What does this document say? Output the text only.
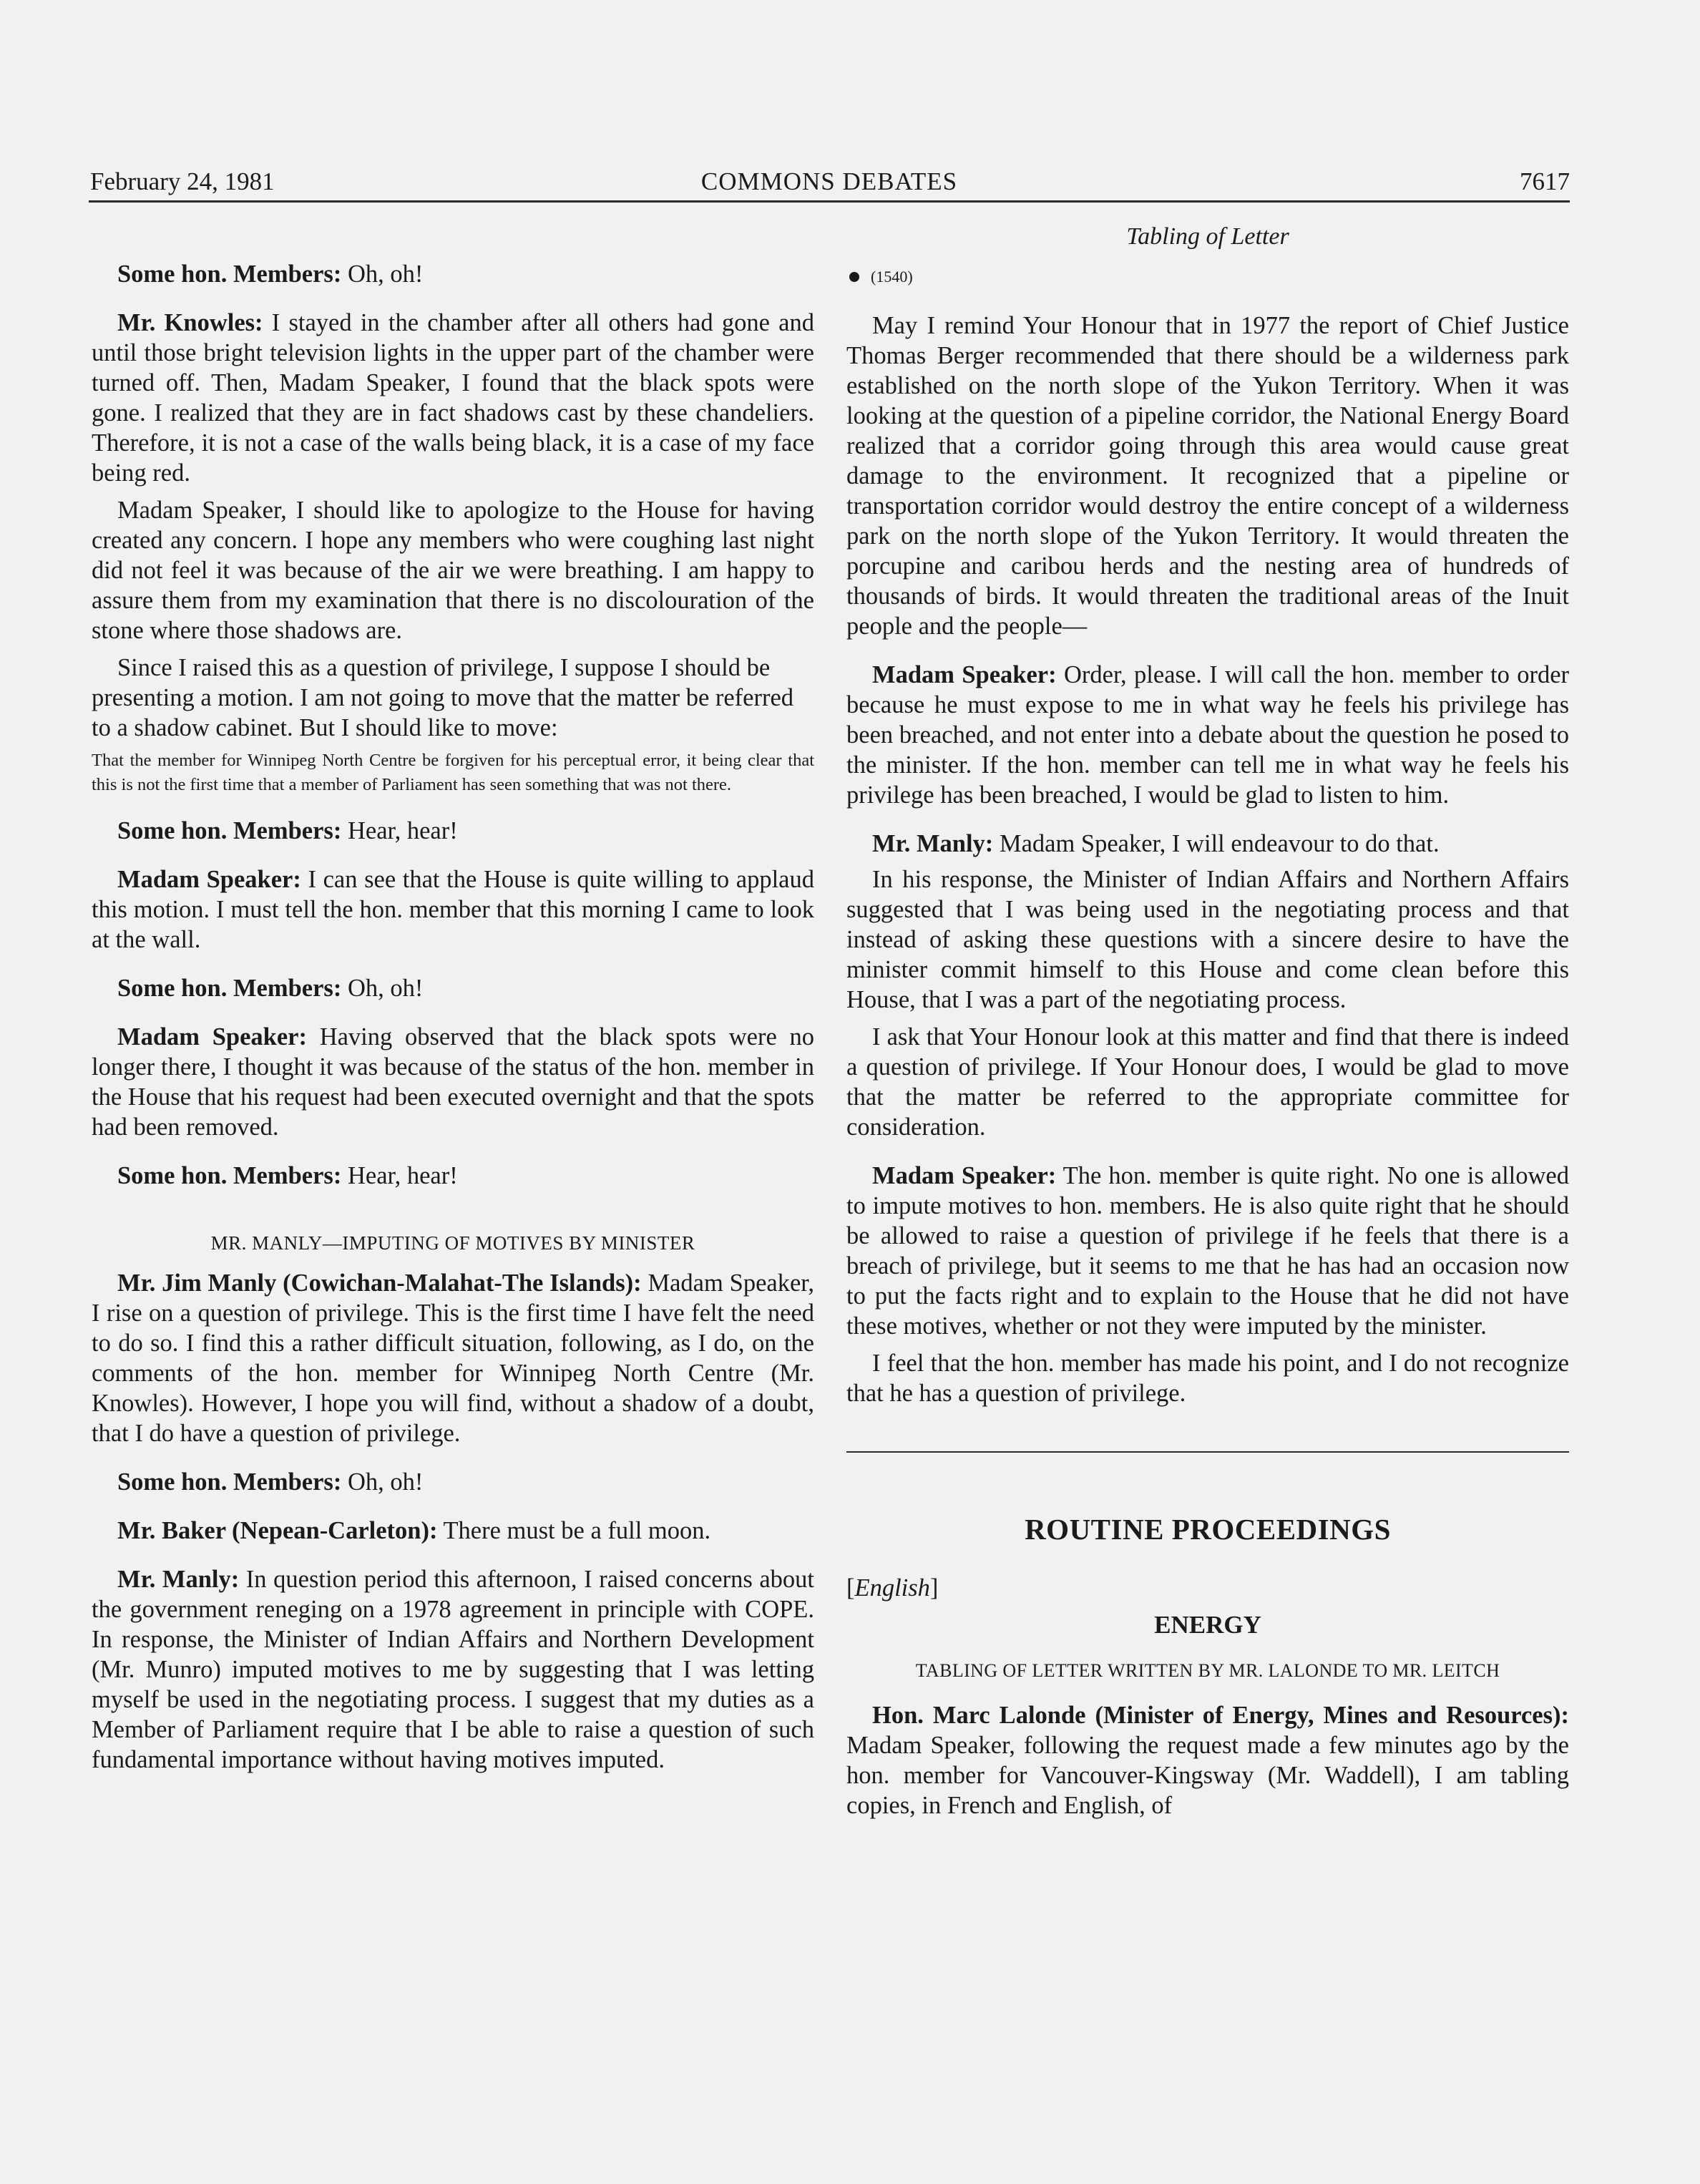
February 24, 1981	COMMONS DEBATES	7617

Some hon. Members: Oh, oh!

Mr. Knowles: I stayed in the chamber after all others had gone and until those bright television lights in the upper part of the chamber were turned off. Then, Madam Speaker, I found that the black spots were gone. I realized that they are in fact shadows cast by these chandeliers. Therefore, it is not a case of the walls being black, it is a case of my face being red.

Madam Speaker, I should like to apologize to the House for having created any concern. I hope any members who were coughing last night did not feel it was because of the air we were breathing. I am happy to assure them from my examination that there is no discolouration of the stone where those shadows are.

Since I raised this as a question of privilege, I suppose I should be presenting a motion. I am not going to move that the matter be referred to a shadow cabinet. But I should like to move:

That the member for Winnipeg North Centre be forgiven for his perceptual error, it being clear that this is not the first time that a member of Parliament has seen something that was not there.

Some hon. Members: Hear, hear!

Madam Speaker: I can see that the House is quite willing to applaud this motion. I must tell the hon. member that this morning I came to look at the wall.

Some hon. Members: Oh, oh!

Madam Speaker: Having observed that the black spots were no longer there, I thought it was because of the status of the hon. member in the House that his request had been executed overnight and that the spots had been removed.

Some hon. Members: Hear, hear!

MR. MANLY—IMPUTING OF MOTIVES BY MINISTER

Mr. Jim Manly (Cowichan-Malahat-The Islands): Madam Speaker, I rise on a question of privilege. This is the first time I have felt the need to do so. I find this a rather difficult situation, following, as I do, on the comments of the hon. member for Winnipeg North Centre (Mr. Knowles). However, I hope you will find, without a shadow of a doubt, that I do have a question of privilege.

Some hon. Members: Oh, oh!

Mr. Baker (Nepean-Carleton): There must be a full moon.

Mr. Manly: In question period this afternoon, I raised concerns about the government reneging on a 1978 agreement in principle with COPE. In response, the Minister of Indian Affairs and Northern Development (Mr. Munro) imputed motives to me by suggesting that I was letting myself be used in the negotiating process. I suggest that my duties as a Member of Parliament require that I be able to raise a question of such fundamental importance without having motives imputed.

Tabling of Letter

(1540)

May I remind Your Honour that in 1977 the report of Chief Justice Thomas Berger recommended that there should be a wilderness park established on the north slope of the Yukon Territory. When it was looking at the question of a pipeline corridor, the National Energy Board realized that a corridor going through this area would cause great damage to the environment. It recognized that a pipeline or transportation corridor would destroy the entire concept of a wilderness park on the north slope of the Yukon Territory. It would threaten the porcupine and caribou herds and the nesting area of hundreds of thousands of birds. It would threaten the traditional areas of the Inuit people and the people—

Madam Speaker: Order, please. I will call the hon. member to order because he must expose to me in what way he feels his privilege has been breached, and not enter into a debate about the question he posed to the minister. If the hon. member can tell me in what way he feels his privilege has been breached, I would be glad to listen to him.

Mr. Manly: Madam Speaker, I will endeavour to do that.

In his response, the Minister of Indian Affairs and Northern Affairs suggested that I was being used in the negotiating process and that instead of asking these questions with a sincere desire to have the minister commit himself to this House and come clean before this House, that I was a part of the negotiating process.

I ask that Your Honour look at this matter and find that there is indeed a question of privilege. If Your Honour does, I would be glad to move that the matter be referred to the appropriate committee for consideration.

Madam Speaker: The hon. member is quite right. No one is allowed to impute motives to hon. members. He is also quite right that he should be allowed to raise a question of privilege if he feels that there is a breach of privilege, but it seems to me that he has had an occasion now to put the facts right and to explain to the House that he did not have these motives, whether or not they were imputed by the minister.

I feel that the hon. member has made his point, and I do not recognize that he has a question of privilege.

ROUTINE PROCEEDINGS

[English]

ENERGY

TABLING OF LETTER WRITTEN BY MR. LALONDE TO MR. LEITCH

Hon. Marc Lalonde (Minister of Energy, Mines and Resources): Madam Speaker, following the request made a few minutes ago by the hon. member for Vancouver-Kingsway (Mr. Waddell), I am tabling copies, in French and English, of
